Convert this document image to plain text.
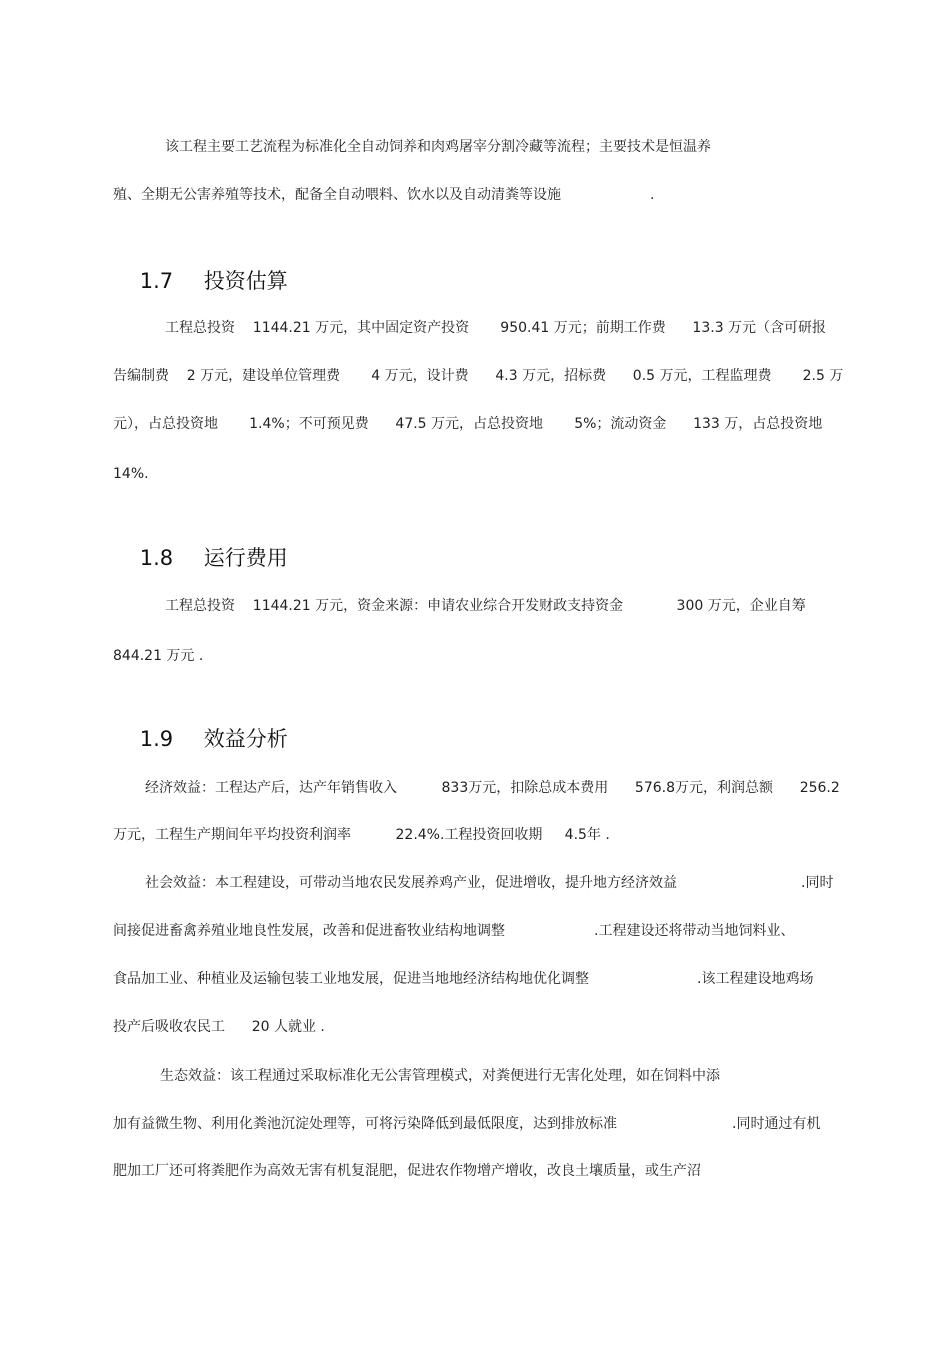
该工程主要工艺流程为标准化全自动饲养和肉鸡屠宰分割冷藏等流程；主要技术是恒温养
殖、全期无公害养殖等技术，配备全自动喂料、饮水以及自动清粪等设施	.

1.7 投资估算

工程总投资    1144.21 万元，其中固定资产投资       950.41 万元；前期工作费      13.3 万元（含可研报
告编制费    2 万元，建设单位管理费       4 万元，设计费      4.3 万元，招标费      0.5 万元，工程监理费       2.5 万
元），占总投资地       1.4%；不可预见费      47.5 万元，占总投资地       5%；流动资金      133 万，占总投资地
14%.

1.8 运行费用

工程总投资    1144.21 万元，资金来源：申请农业综合开发财政支持资金            300 万元，企业自筹
844.21 万元 .

1.9 效益分析

经济效益：工程达产后，达产年销售收入          833万元，扣除总成本费用      576.8万元，利润总额      256.2
万元，工程生产期间年平均投资利润率          22.4%.工程投资回收期     4.5年 .
社会效益：本工程建设，可带动当地农民发展养鸡产业，促进增收，提升地方经济效益	.同时
间接促进畜禽养殖业地良性发展，改善和促进畜牧业结构地调整	.工程建设还将带动当地饲料业、
食品加工业、种植业及运输包装工业地发展，促进当地地经济结构地优化调整	.该工程建设地鸡场
投产后吸收农民工      20 人就业 .
生态效益：该工程通过采取标准化无公害管理模式，对粪便进行无害化处理，如在饲料中添
加有益微生物、利用化粪池沉淀处理等，可将污染降低到最低限度，达到排放标准	.同时通过有机
肥加工厂还可将粪肥作为高效无害有机复混肥，促进农作物增产增收，改良土壤质量，或生产沼
